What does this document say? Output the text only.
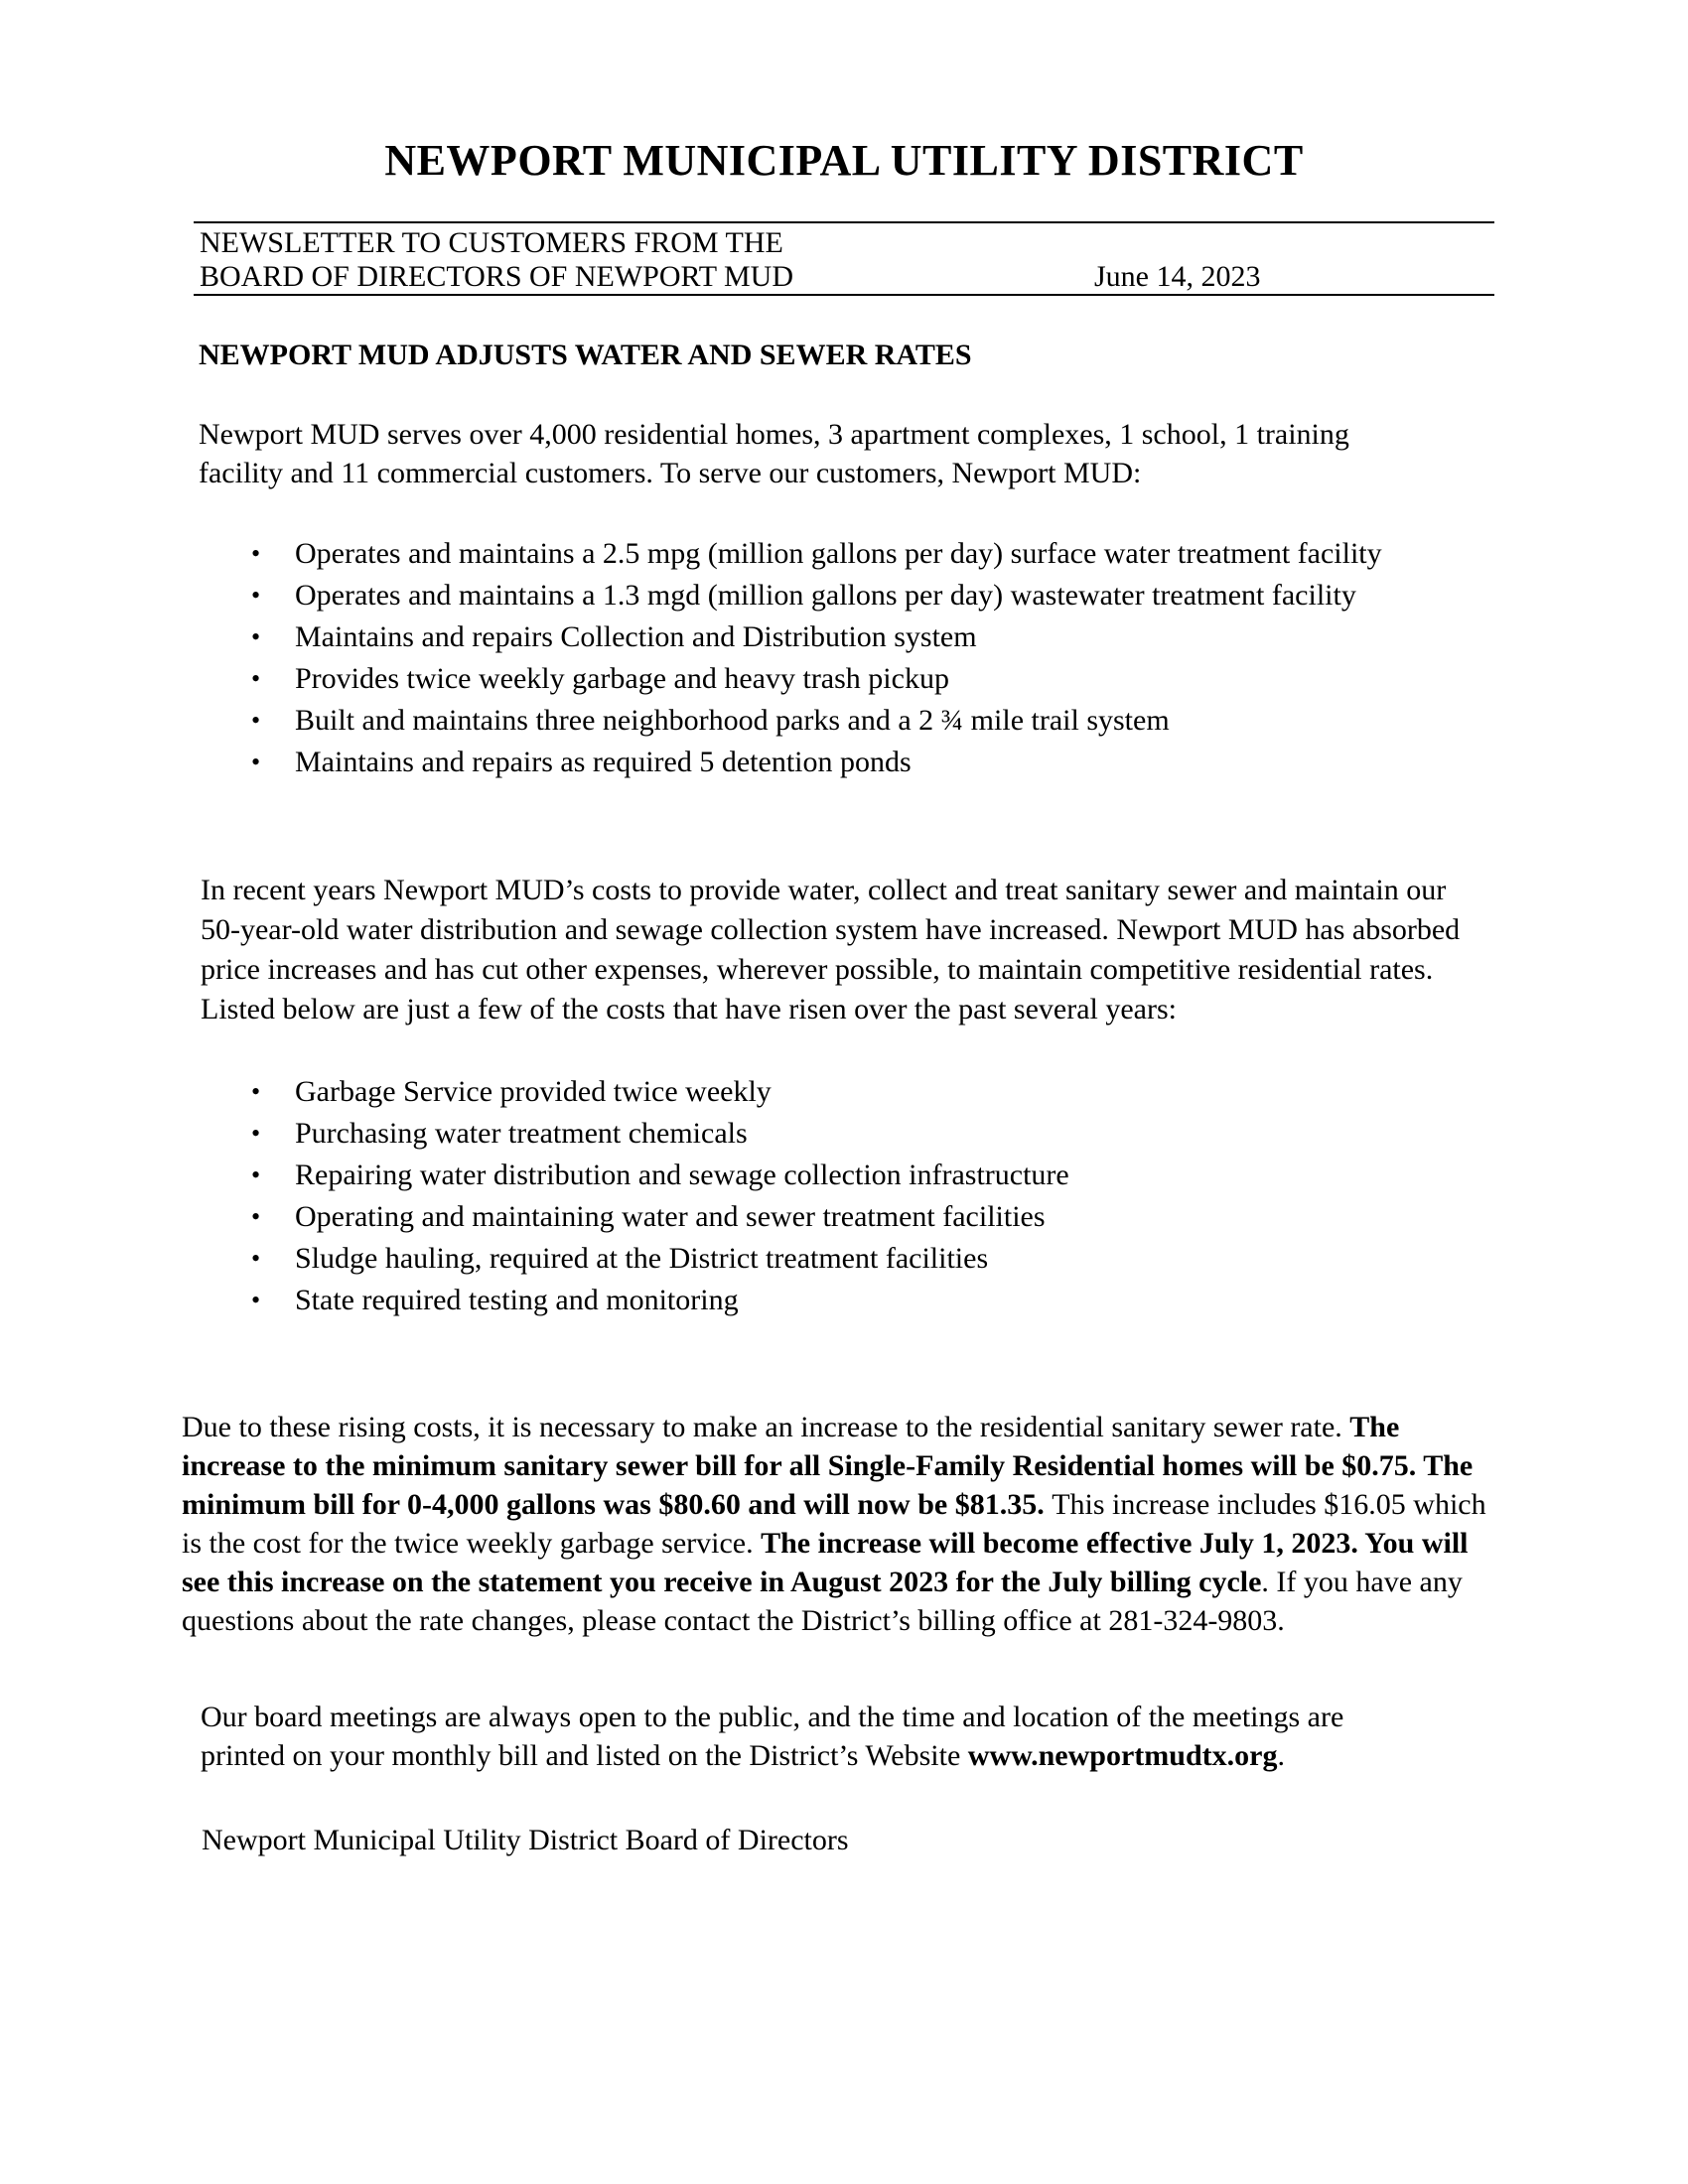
NEWPORT MUNICIPAL UTILITY DISTRICT
NEWSLETTER TO CUSTOMERS FROM THE
BOARD OF DIRECTORS OF NEWPORT MUD	June 14, 2023
NEWPORT MUD ADJUSTS WATER AND SEWER RATES
Newport MUD serves over 4,000 residential homes, 3 apartment complexes, 1 school, 1 training
facility and 11 commercial customers. To serve our customers, Newport MUD:
• Operates and maintains a 2.5 mpg (million gallons per day) surface water treatment facility
• Operates and maintains a 1.3 mgd (million gallons per day) wastewater treatment facility
• Maintains and repairs Collection and Distribution system
• Provides twice weekly garbage and heavy trash pickup
• Built and maintains three neighborhood parks and a 2 ¾ mile trail system
• Maintains and repairs as required 5 detention ponds
In recent years Newport MUD’s costs to provide water, collect and treat sanitary sewer and maintain our
50-year-old water distribution and sewage collection system have increased. Newport MUD has absorbed
price increases and has cut other expenses, wherever possible, to maintain competitive residential rates.
Listed below are just a few of the costs that have risen over the past several years:
• Garbage Service provided twice weekly
• Purchasing water treatment chemicals
• Repairing water distribution and sewage collection infrastructure
• Operating and maintaining water and sewer treatment facilities
• Sludge hauling, required at the District treatment facilities
• State required testing and monitoring
Due to these rising costs, it is necessary to make an increase to the residential sanitary sewer rate. The
increase to the minimum sanitary sewer bill for all Single-Family Residential homes will be $0.75. The
minimum bill for 0-4,000 gallons was $80.60 and will now be $81.35. This increase includes $16.05 which
is the cost for the twice weekly garbage service. The increase will become effective July 1, 2023. You will
see this increase on the statement you receive in August 2023 for the July billing cycle. If you have any
questions about the rate changes, please contact the District’s billing office at 281-324-9803.
Our board meetings are always open to the public, and the time and location of the meetings are
printed on your monthly bill and listed on the District’s Website www.newportmudtx.org.
Newport Municipal Utility District Board of Directors
